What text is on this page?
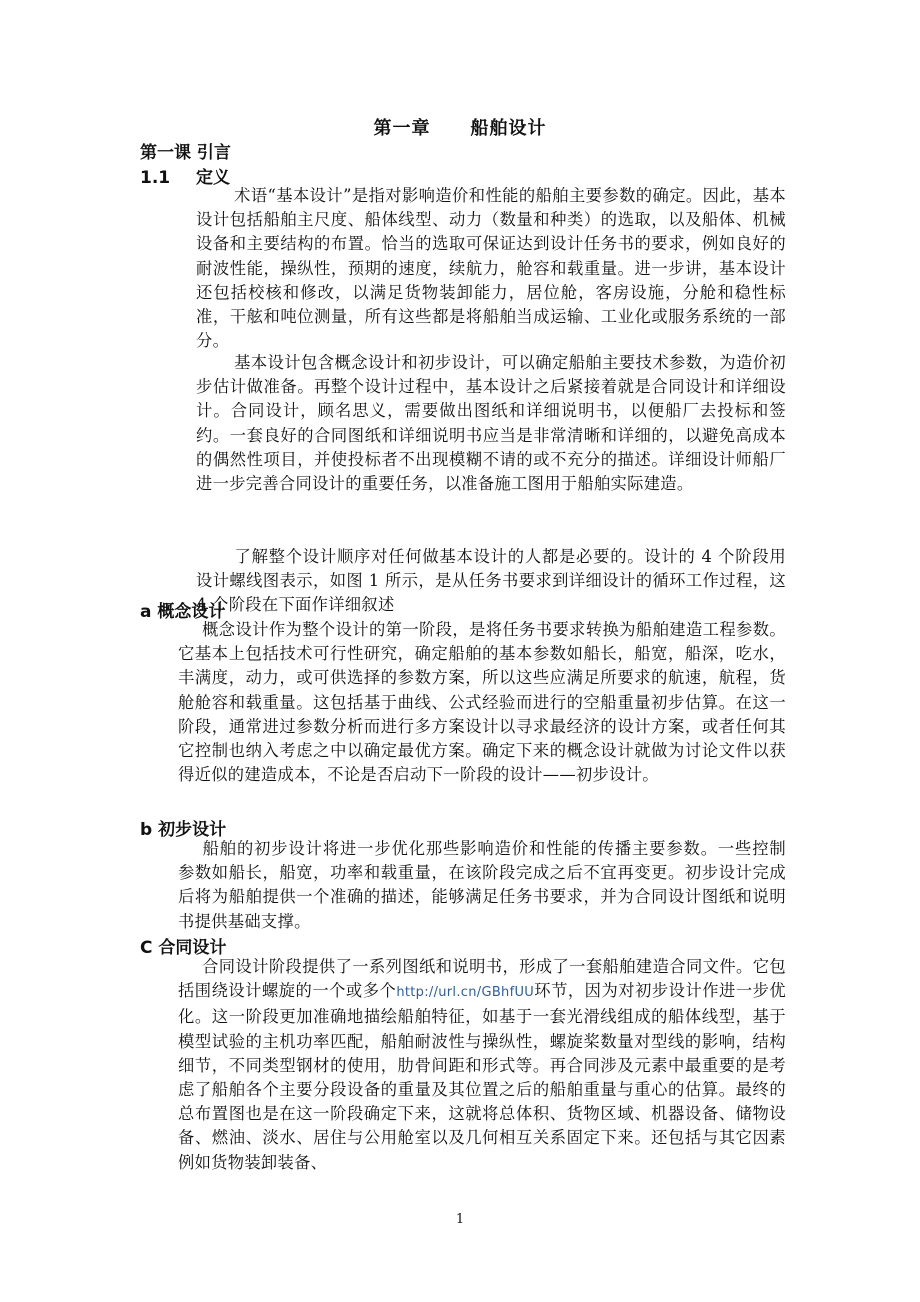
第一章 船舶设计
第一课 引言
1.1 定义

术语“基本设计”是指对影响造价和性能的船舶主要参数的确定。因此，基本设计包括船舶主尺度、船体线型、动力（数量和种类）的选取，以及船体、机械设备和主要结构的布置。恰当的选取可保证达到设计任务书的要求，例如良好的耐波性能，操纵性，预期的速度，续航力，舱容和载重量。进一步讲，基本设计还包括校核和修改，以满足货物装卸能力，居位舱，客房设施，分舱和稳性标准，干舷和吨位测量，所有这些都是将船舶当成运输、工业化或服务系统的一部分。

基本设计包含概念设计和初步设计，可以确定船舶主要技术参数，为造价初步估计做准备。再整个设计过程中，基本设计之后紧接着就是合同设计和详细设计。合同设计，顾名思义，需要做出图纸和详细说明书，以便船厂去投标和签约。一套良好的合同图纸和详细说明书应当是非常清晰和详细的，以避免高成本的偶然性项目，并使投标者不出现模糊不请的或不充分的描述。详细设计师船厂进一步完善合同设计的重要任务，以准备施工图用于船舶实际建造。

了解整个设计顺序对任何做基本设计的人都是必要的。设计的 4 个阶段用设计螺线图表示，如图 1 所示，是从任务书要求到详细设计的循环工作过程，这 4 个阶段在下面作详细叙述

a 概念设计

概念设计作为整个设计的第一阶段，是将任务书要求转换为船舶建造工程参数。它基本上包括技术可行性研究，确定船舶的基本参数如船长，船宽，船深，吃水，丰满度，动力，或可供选择的参数方案，所以这些应满足所要求的航速，航程，货舱舱容和载重量。这包括基于曲线、公式经验而进行的空船重量初步估算。在这一阶段，通常进过参数分析而进行多方案设计以寻求最经济的设计方案，或者任何其它控制也纳入考虑之中以确定最优方案。确定下来的概念设计就做为讨论文件以获得近似的建造成本，不论是否启动下一阶段的设计——初步设计。

b 初步设计

船舶的初步设计将进一步优化那些影响造价和性能的传播主要参数。一些控制 参数如船长，船宽，功率和载重量，在该阶段完成之后不宜再变更。初步设计完成后将为船舶提供一个准确的描述，能够满足任务书要求，并为合同设计图纸和说明书提供基础支撑。

C 合同设计

合同设计阶段提供了一系列图纸和说明书，形成了一套船舶建造合同文件。它包括围绕设计螺旋的一个或多个http://url.cn/GBhfUU环节，因为对初步设计作进一步优化。这一阶段更加准确地描绘船舶特征，如基于一套光滑线组成的船体线型，基于模型试验的主机功率匹配，船舶耐波性与操纵性，螺旋桨数量对型线的影响，结构细节，不同类型钢材的使用，肋骨间距和形式等。再合同涉及元素中最重要的是考虑了船舶各个主要分段设备的重量及其位置之后的船舶重量与重心的估算。最终的总布置图也是在这一阶段确定下来，这就将总体积、货物区域、机器设备、储物设备、燃油、淡水、居住与公用舱室以及几何相互关系固定下来。还包括与其它因素例如货物装卸装备、

1
